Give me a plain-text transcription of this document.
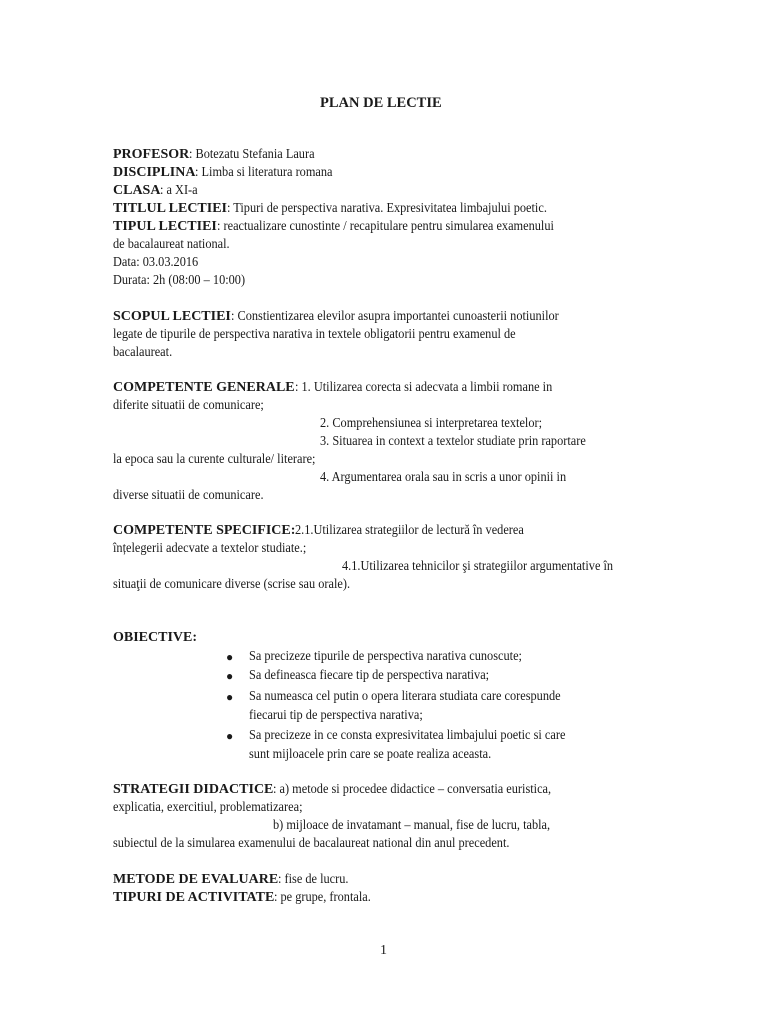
PLAN DE LECTIE
PROFESOR: Botezatu Stefania Laura
DISCIPLINA: Limba si literatura romana
CLASA: a XI-a
TITLUL LECTIEI: Tipuri de perspectiva narativa. Expresivitatea limbajului poetic.
TIPUL LECTIEI: reactualizare cunostinte / recapitulare pentru simularea examenului
de bacalaureat national.
Data: 03.03.2016
Durata: 2h (08:00 – 10:00)
SCOPUL LECTIEI: Constientizarea elevilor asupra importantei cunoasterii notiunilor
legate de tipurile de perspectiva narativa in textele obligatorii pentru examenul de
bacalaureat.
COMPETENTE GENERALE: 1. Utilizarea corecta si adecvata a limbii romane in
diferite situatii de comunicare;
2. Comprehensiunea si interpretarea textelor;
3. Situarea in context a textelor studiate prin raportare
la epoca sau la curente culturale/ literare;
4. Argumentarea orala sau in scris a unor opinii in
diverse situatii de comunicare.
COMPETENTE SPECIFICE:2.1.Utilizarea strategiilor de lectură în vederea
înțelegerii adecvate a textelor studiate.;
4.1.Utilizarea tehnicilor şi strategiilor argumentative în
situaţii de comunicare diverse (scrise sau orale).
OBIECTIVE:
● Sa precizeze tipurile de perspectiva narativa cunoscute;
● Sa defineasca fiecare tip de perspectiva narativa;
● Sa numeasca cel putin o opera literara studiata care corespunde
fiecarui tip de perspectiva narativa;
● Sa precizeze in ce consta expresivitatea limbajului poetic si care
sunt mijloacele prin care se poate realiza aceasta.
STRATEGII DIDACTICE: a) metode si procedee didactice – conversatia euristica,
explicatia, exercitiul, problematizarea;
b) mijloace de invatamant – manual, fise de lucru, tabla,
subiectul de la simularea examenului de bacalaureat national din anul precedent.
METODE DE EVALUARE: fise de lucru.
TIPURI DE ACTIVITATE: pe grupe, frontala.
1
